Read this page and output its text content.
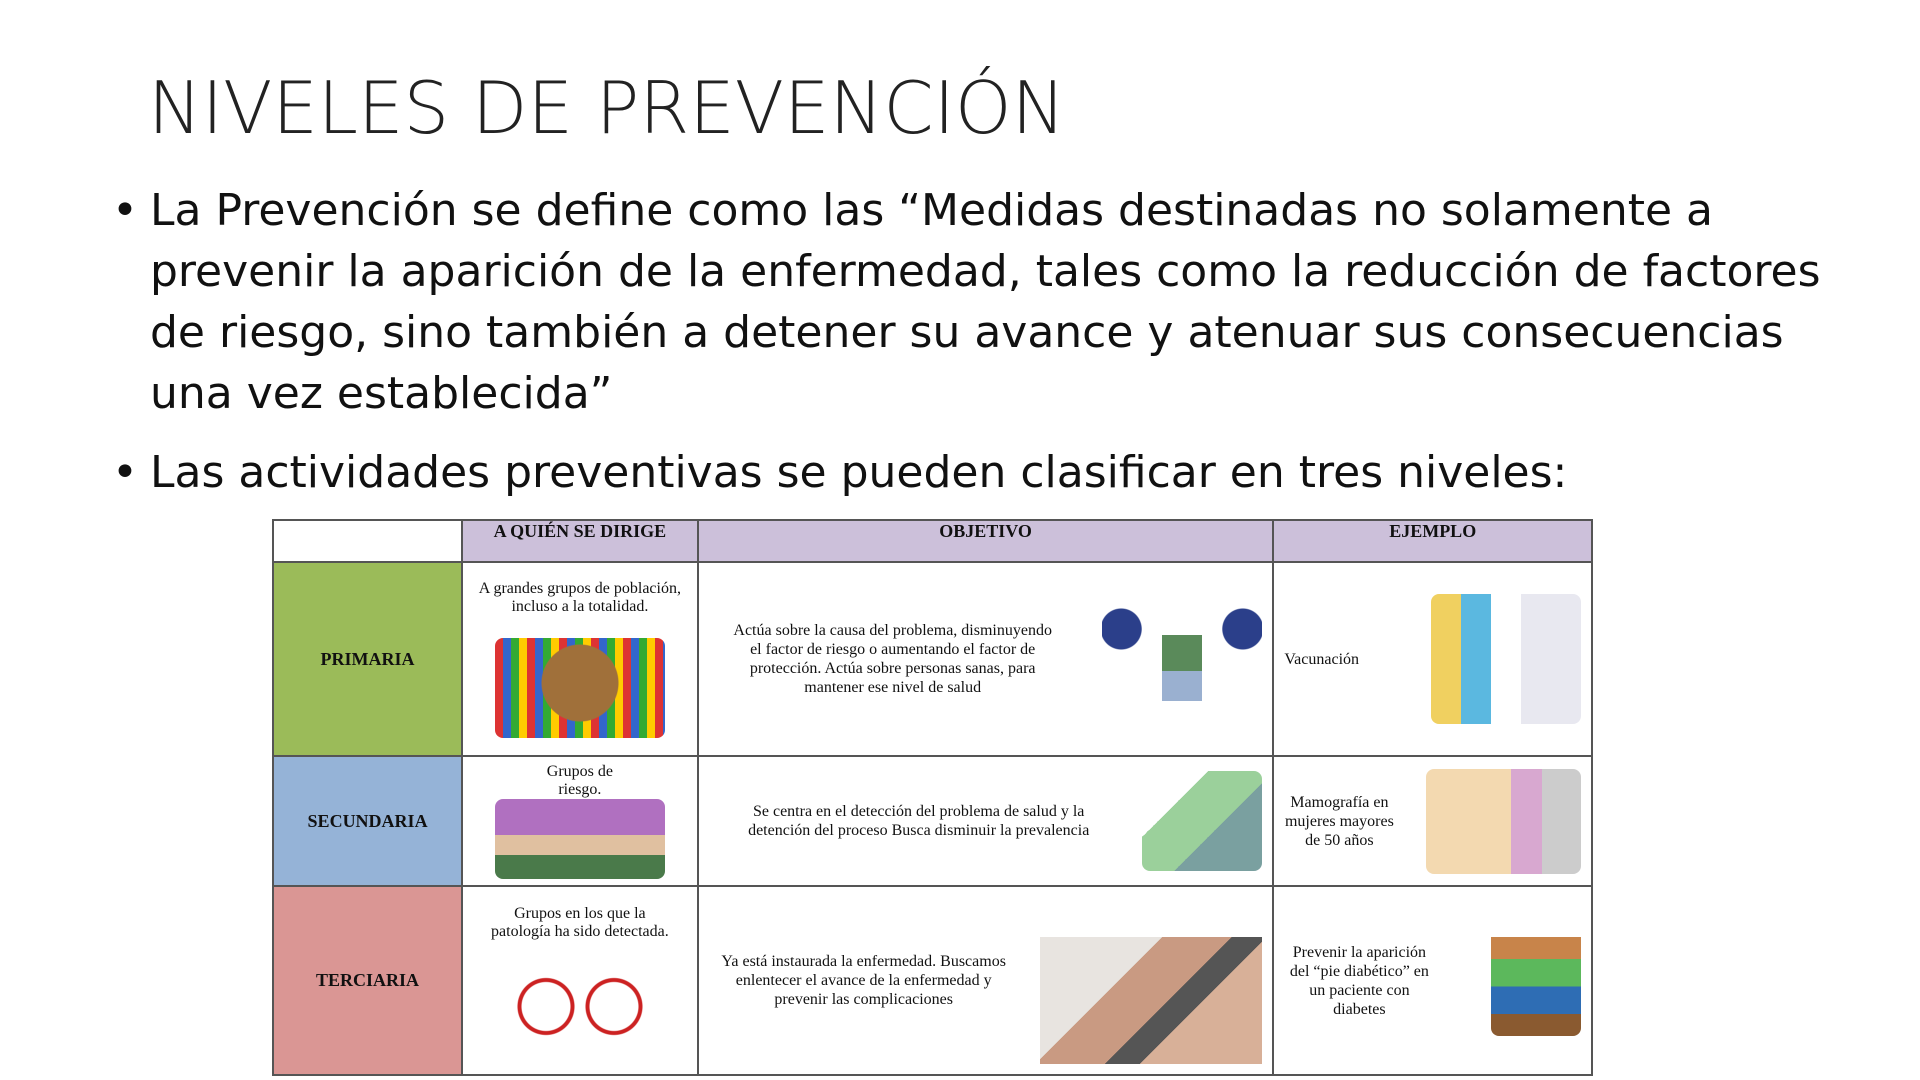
NIVELES DE PREVENCIÓN
• La Prevención se define como las “Medidas destinadas no solamente a prevenir la aparición de la enfermedad, tales como la reducción de factores de riesgo, sino también a detener su avance y atenuar sus consecuencias una vez establecida”
• Las actividades preventivas se pueden clasificar en tres niveles:
	A QUIÉN SE DIRIGE	OBJETIVO	EJEMPLO
PRIMARIA	A grandes grupos de población, incluso a la totalidad.	Actúa sobre la causa del problema, disminuyendo el factor de riesgo o aumentando el factor de protección. Actúa sobre personas sanas, para mantener ese nivel de salud	Vacunación

SECUNDARIA	Grupos de riesgo.	Se centra en el detección del problema de salud y la detención del proceso Busca disminuir la prevalencia	Mamografía en mujeres mayores de 50 años

TERCIARIA	Grupos en los que la patología ha sido detectada.	Ya está instaurada la enfermedad. Buscamos enlentecer el avance de la enfermedad y prevenir las complicaciones	Prevenir la aparición del “pie diabético” en un paciente con diabetes
